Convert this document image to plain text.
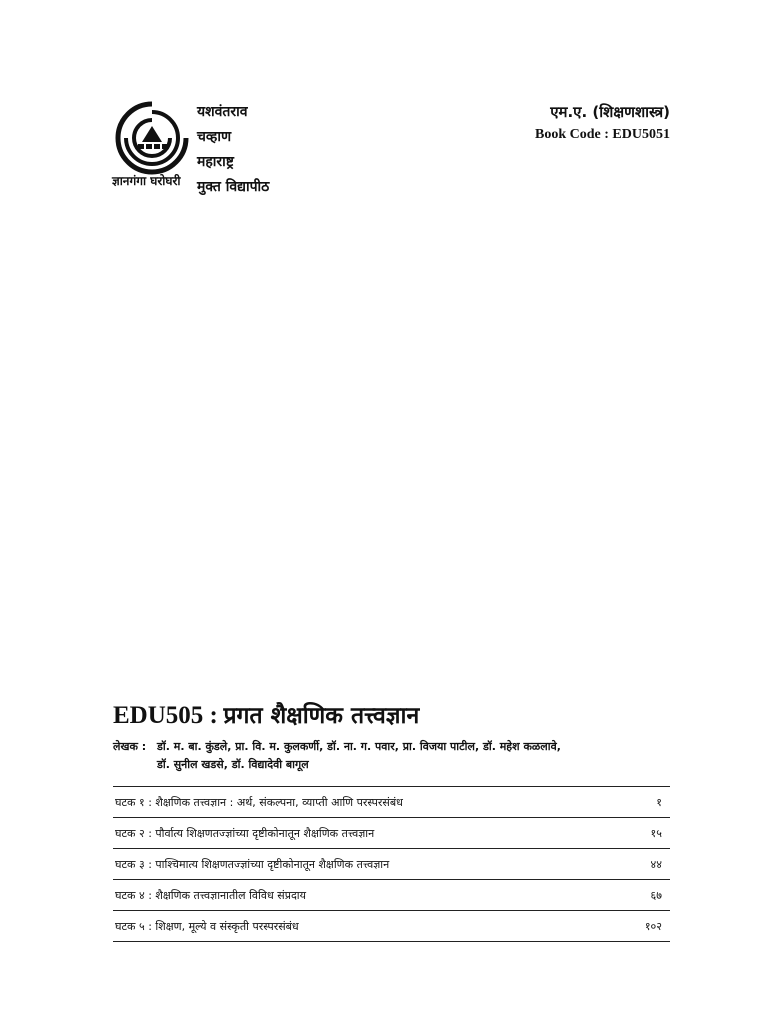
ज्ञानगंगा घरोघरी
यशवंतराव
चव्हाण
महाराष्ट्र
मुक्त विद्यापीठ
एम.ए. (शिक्षणशास्त्र)
Book Code : EDU5051
EDU505 : प्रगत शैक्षणिक तत्त्वज्ञान
लेखक : डॉ. म. बा. कुंडले, प्रा. वि. म. कुलकर्णी, डॉ. ना. ग. पवार, प्रा. विजया पाटील, डॉ. महेश कळलावे,
डॉ. सुनील खडसे, डॉ. विद्यादेवी बागूल
घटक १ : शैक्षणिक तत्त्वज्ञान : अर्थ, संकल्पना, व्याप्ती आणि परस्परसंबंध	१
घटक २ : पौर्वात्य शिक्षणतज्ज्ञांच्या दृष्टीकोनातून शैक्षणिक तत्त्वज्ञान	१५
घटक ३ : पाश्चिमात्य शिक्षणतज्ज्ञांच्या दृष्टीकोनातून शैक्षणिक तत्त्वज्ञान	४४
घटक ४ : शैक्षणिक तत्त्वज्ञानातील विविध संप्रदाय	६७
घटक ५ : शिक्षण, मूल्ये व संस्कृती परस्परसंबंध	१०२
